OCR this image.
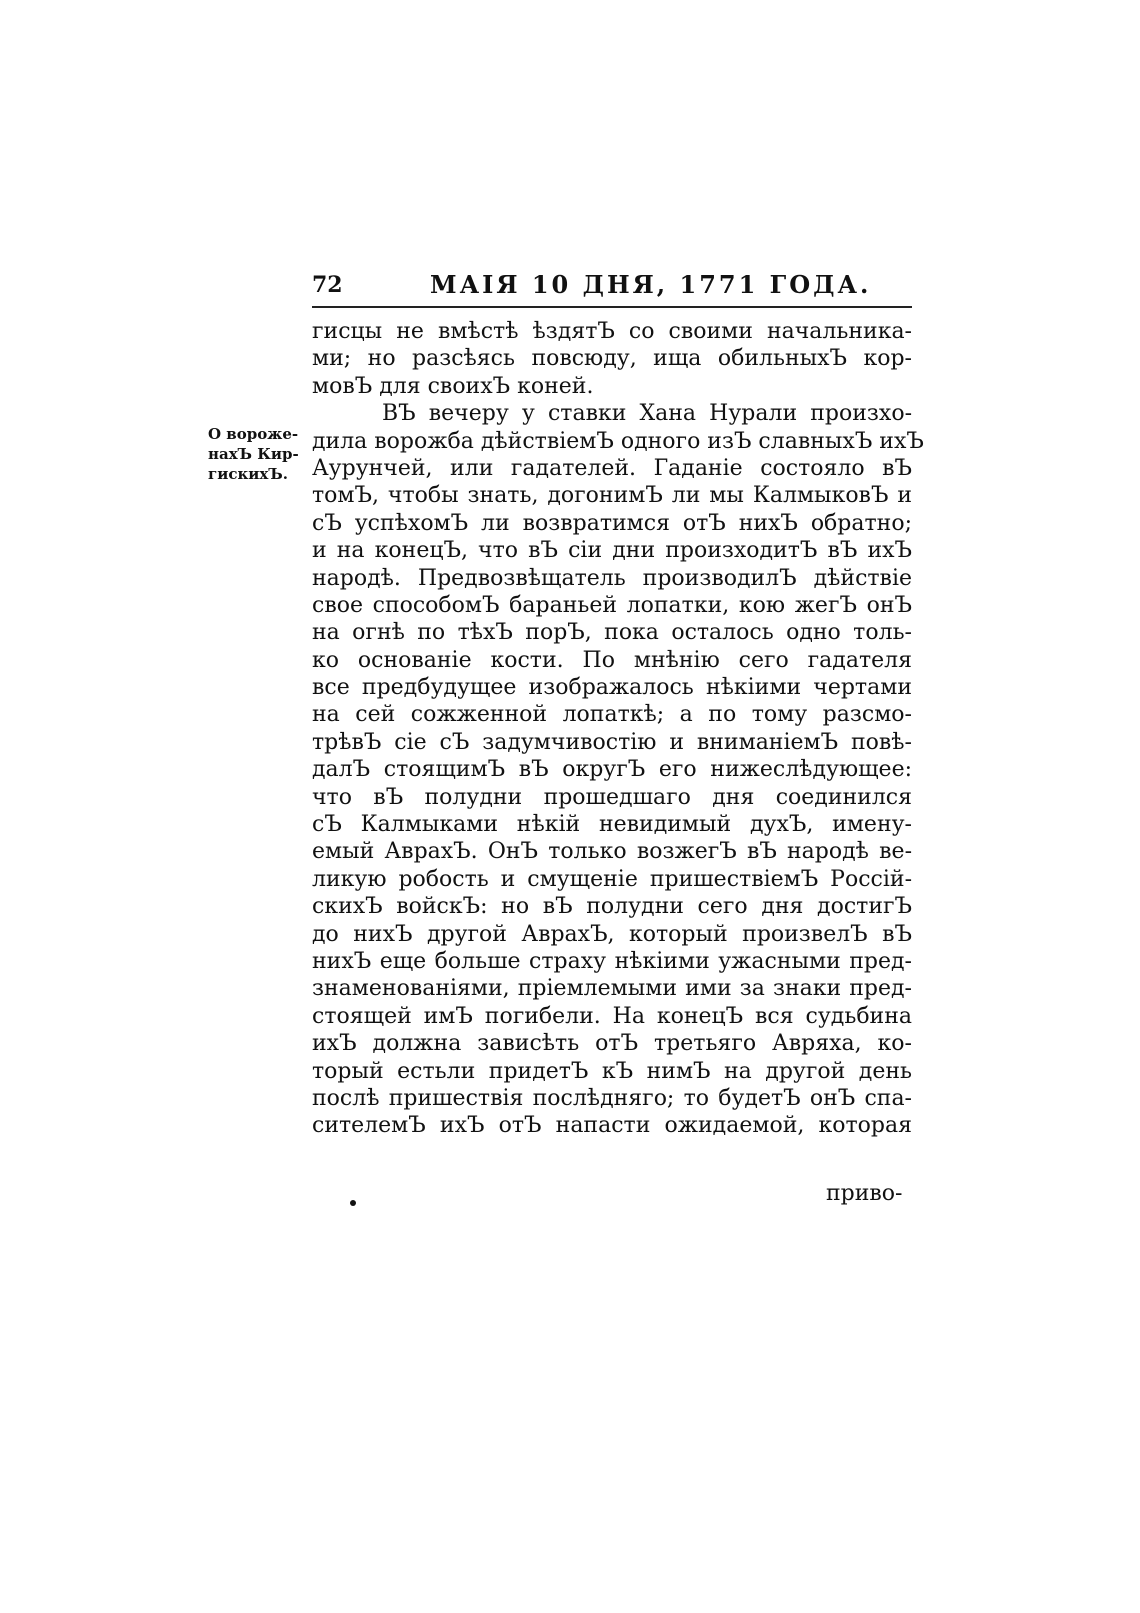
72	МАІЯ 10 ДНЯ, 1771 ГОДА.
О вороже-
нахЪ Кир-
гискихЪ.
гисцы не вмѣстѣ ѣздятЪ со своими начальника-
ми; но разсѣясь повсюду, ища обильныхЪ кор-
мовЪ для своихЪ коней.
ВЪ вечеру у ставки Хана Нурали произхо-
дила ворожба дѣйствіемЪ одного изЪ славныхЪ ихЪ
Аурунчей, или гадателей. Гаданіе состояло вЪ
томЪ, чтобы знать, догонимЪ ли мы КалмыковЪ и
сЪ успѣхомЪ ли возвратимся отЪ нихЪ обратно;
и на конецЪ, что вЪ сіи дни произходитЪ вЪ ихЪ
народѣ. Предвозвѣщатель производилЪ дѣйствіе
свое способомЪ бараньей лопатки, кою жегЪ онЪ
на огнѣ по тѣхЪ порЪ, пока осталось одно толь-
ко основаніе кости. По мнѣнію сего гадателя
все предбудущее изображалось нѣкіими чертами
на сей сожженной лопаткѣ; а по тому разсмо-
трѣвЪ сіе сЪ задумчивостію и вниманіемЪ повѣ-
далЪ стоящимЪ вЪ округЪ его нижеслѣдующее:
что вЪ полудни прошедшаго дня соединился
сЪ Калмыками нѣкій невидимый духЪ, имену-
емый АврахЪ. ОнЪ только возжегЪ вЪ народѣ ве-
ликую робость и смущеніе пришествіемЪ Россій-
скихЪ войскЪ: но вЪ полудни сего дня достигЪ
до нихЪ другой АврахЪ, который произвелЪ вЪ
нихЪ еще больше страху нѣкіими ужасными пред-
знаменованіями, пріемлемыми ими за знаки пред-
стоящей имЪ погибели. На конецЪ вся судьбина
ихЪ должна зависѣть отЪ третьяго Авряха, ко-
торый естьли придетЪ кЪ нимЪ на другой день
послѣ пришествія послѣдняго; то будетЪ онЪ спа-
сителемЪ ихЪ отЪ напасти ожидаемой, которая
приво-
